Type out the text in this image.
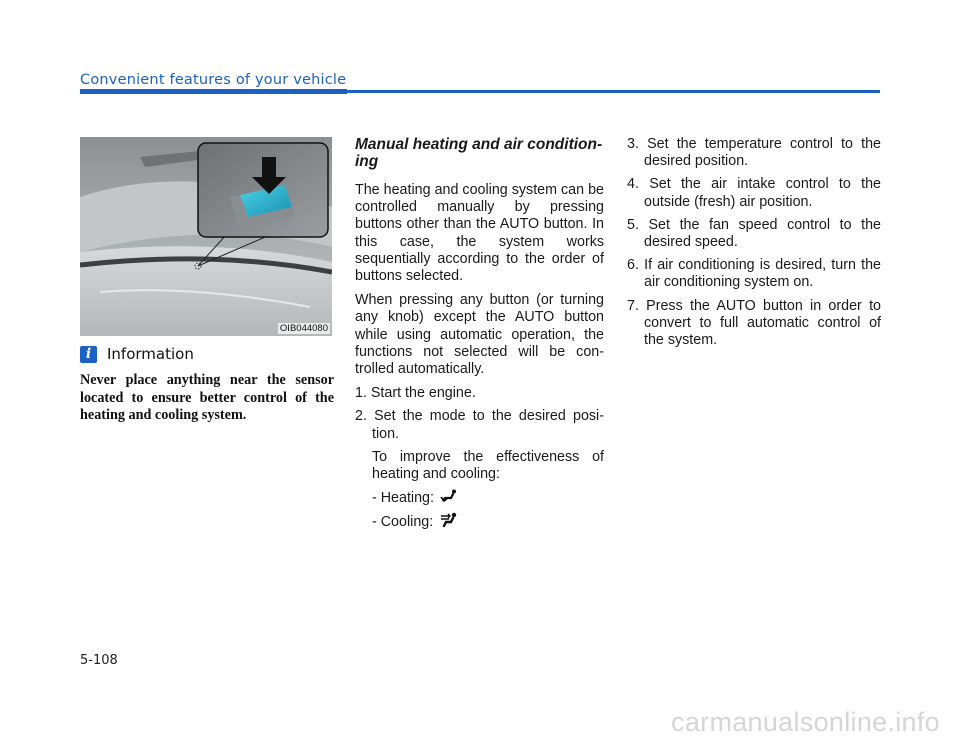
Convenient features of your vehicle
OIB044080
i	Information
Never place anything near the sensor located to ensure better control of the heating and cooling system.
Manual heating and air condition-ing

The heating and cooling system can be controlled manually by pressing buttons other than the AUTO button. In this case, the system works sequentially according to the order of buttons selected.

When pressing any button (or turning any knob) except the AUTO button while using automatic operation, the functions not selected will be con-trolled automatically.

1. Start the engine.

2. Set the mode to the desired posi-tion.

To improve the effectiveness of heating and cooling:

- Heating:
- Cooling:

3. Set the temperature control to the desired position.

4. Set the air intake control to the outside (fresh) air position.

5. Set the fan speed control to the desired speed.

6. If air conditioning is desired, turn the air conditioning system on.

7. Press the AUTO button in order to convert to full automatic control of the system.

5-108
carmanualsonline.info
